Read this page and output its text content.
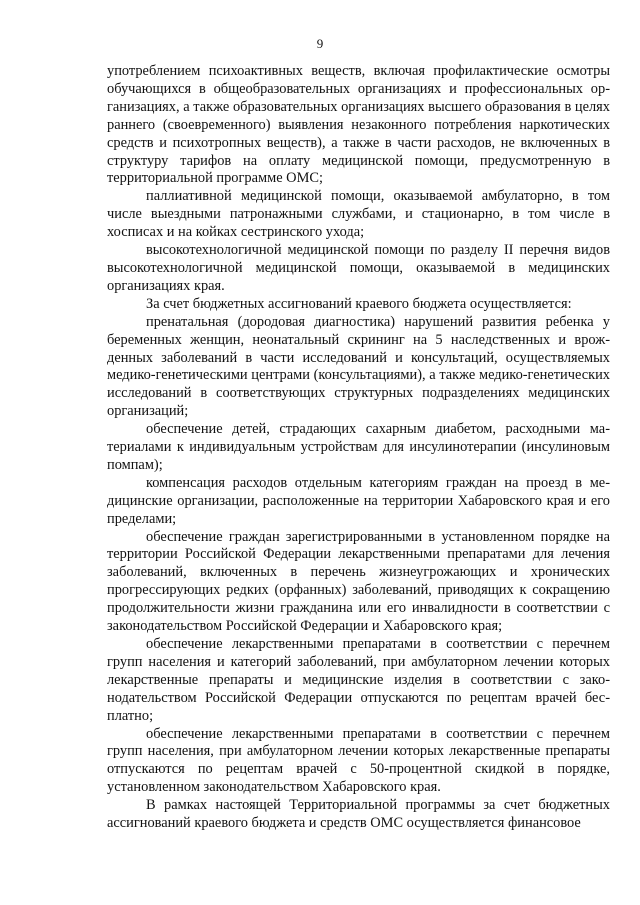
9

употреблением психоактивных веществ, включая профилактические осмотры обучающихся в общеобразовательных организациях и профессиональных организациях, а также образовательных организациях высшего образования в целях раннего (своевременного) выявления незаконного потребления наркотических средств и психотропных веществ), а также в части расходов, не включенных в структуру тарифов на оплату медицинской помощи, предусмотренную в территориальной программе ОМС;

паллиативной медицинской помощи, оказываемой амбулаторно, в том числе выездными патронажными службами, и стационарно, в том числе в хосписах и на койках сестринского ухода;

высокотехнологичной медицинской помощи по разделу II перечня видов высокотехнологичной медицинской помощи, оказываемой в медицинских организациях края.

За счет бюджетных ассигнований краевого бюджета осуществляется:

пренатальная (дородовая диагностика) нарушений развития ребенка у беременных женщин, неонатальный скрининг на 5 наследственных и врожденных заболеваний в части исследований и консультаций, осуществляемых медико-генетическими центрами (консультациями), а также медико-генетических исследований в соответствующих структурных подразделениях медицинских организаций;

обеспечение детей, страдающих сахарным диабетом, расходными материалами к индивидуальным устройствам для инсулинотерапии (инсулиновым помпам);

компенсация расходов отдельным категориям граждан на проезд в медицинские организации, расположенные на территории Хабаровского края и его пределами;

обеспечение граждан зарегистрированными в установленном порядке на территории Российской Федерации лекарственными препаратами для лечения заболеваний, включенных в перечень жизнеугрожающих и хронических прогрессирующих редких (орфанных) заболеваний, приводящих к сокращению продолжительности жизни гражданина или его инвалидности в соответствии с законодательством Российской Федерации и Хабаровского края;

обеспечение лекарственными препаратами в соответствии с перечнем групп населения и категорий заболеваний, при амбулаторном лечении которых лекарственные препараты и медицинские изделия в соответствии с законодательством Российской Федерации отпускаются по рецептам врачей бесплатно;

обеспечение лекарственными препаратами в соответствии с перечнем групп населения, при амбулаторном лечении которых лекарственные препараты отпускаются по рецептам врачей с 50-процентной скидкой в порядке, установленном законодательством Хабаровского края.

В рамках настоящей Территориальной программы за счет бюджетных ассигнований краевого бюджета и средств ОМС осуществляется финансовое
